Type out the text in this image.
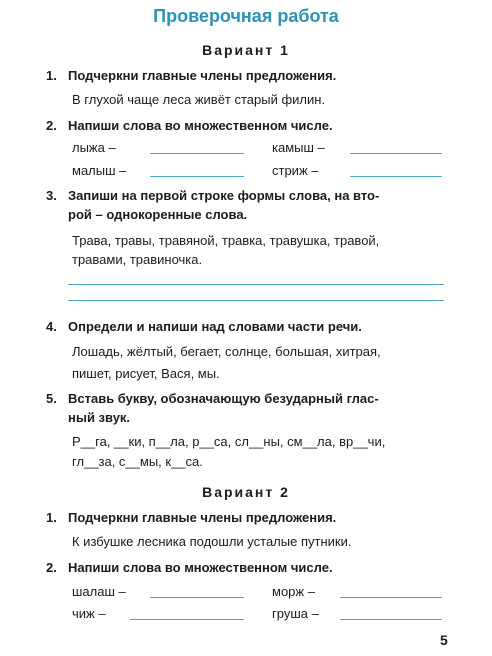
Проверочная работа
Вариант 1
1. Подчеркни главные члены предложения.
В глухой чаще леса живёт старый филин.
2. Напиши слова во множественном числе.
лыжа –	камыш –
малыш –	стриж –
3. Запиши на первой строке формы слова, на вто-
рой – однокоренные слова.
Трава, травы, травяной, травка, травушка, травой,
травами, травиночка.
4. Определи и напиши над словами части речи.
Лошадь, жёлтый, бегает, солнце, большая, хитрая,
пишет, рисует, Вася, мы.
5. Вставь букву, обозначающую безударный глас-
ный звук.
Р__га, __ки, п__ла, р__са, сл__ны, см__ла, вр__чи,
гл__за, с__мы, к__са.
Вариант 2
1. Подчеркни главные члены предложения.
К избушке лесника подошли усталые путники.
2. Напиши слова во множественном числе.
шалаш –	морж –
чиж –	груша –
5
